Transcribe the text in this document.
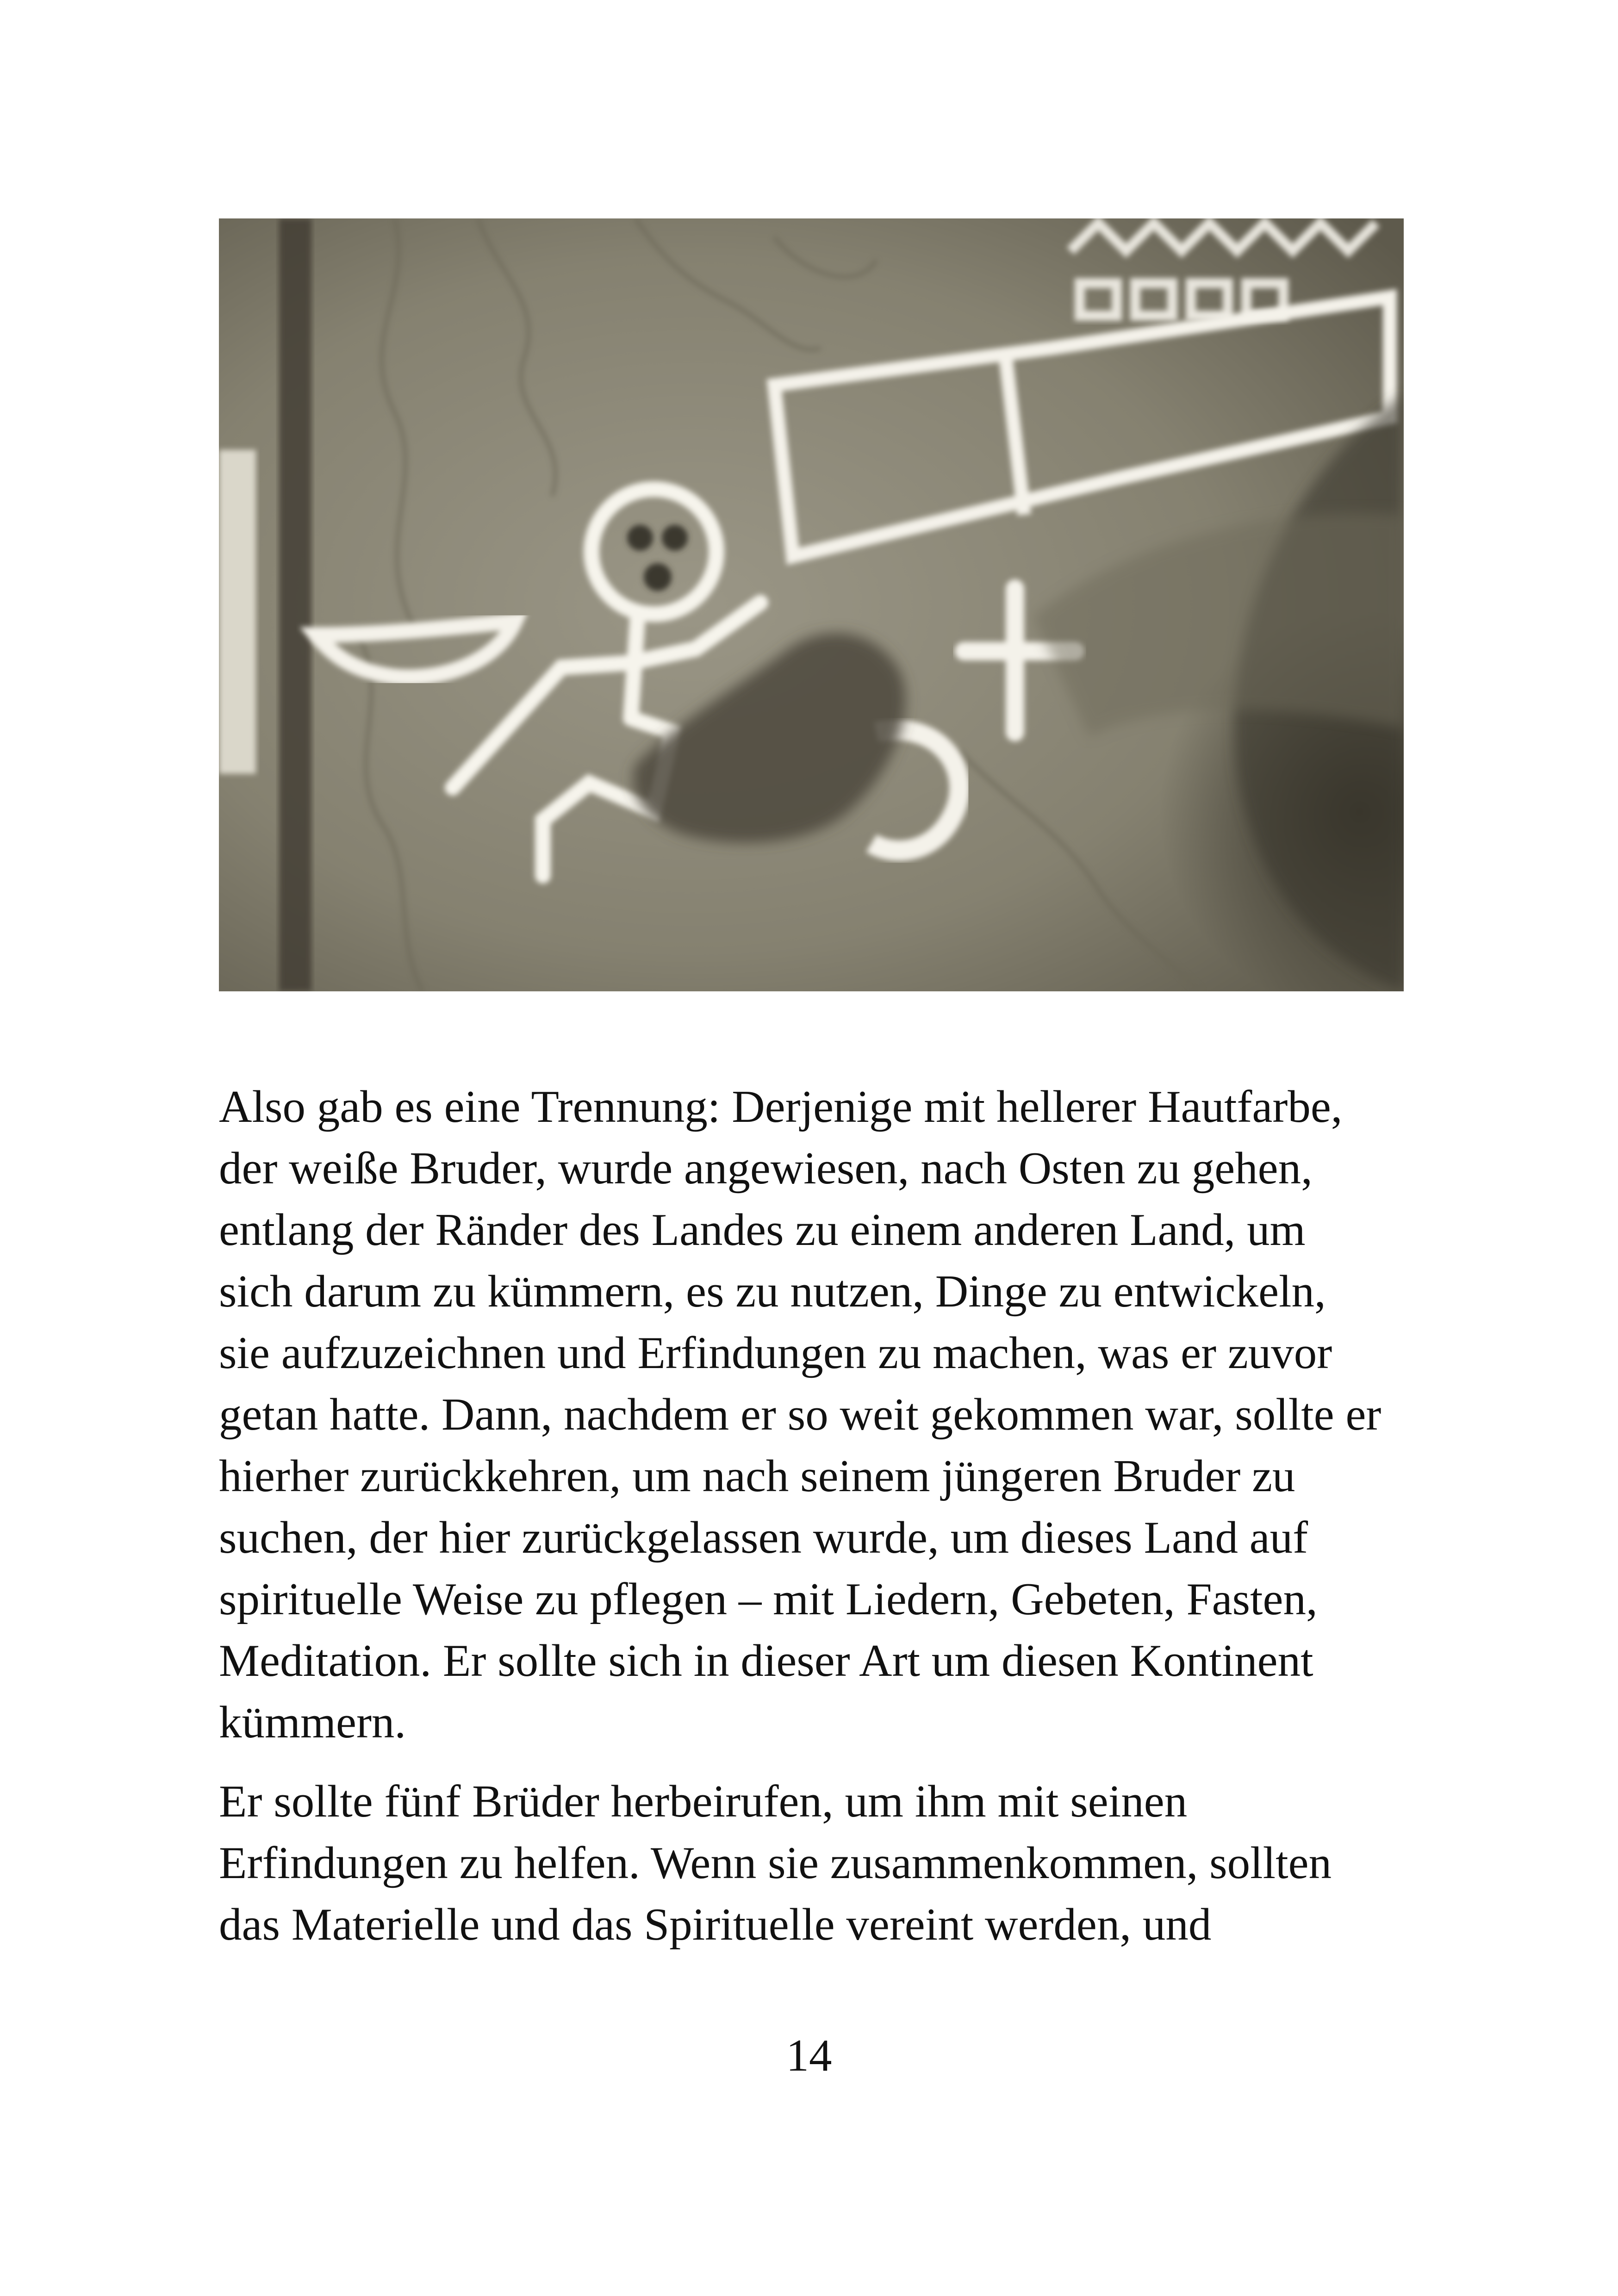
Also gab es eine Trennung: Derjenige mit hellerer Hautfarbe,
der weiße Bruder, wurde angewiesen, nach Osten zu gehen,
entlang der Ränder des Landes zu einem anderen Land, um
sich darum zu kümmern, es zu nutzen, Dinge zu entwickeln,
sie aufzuzeichnen und Erfindungen zu machen, was er zuvor
getan hatte. Dann, nachdem er so weit gekommen war, sollte er
hierher zurückkehren, um nach seinem jüngeren Bruder zu
suchen, der hier zurückgelassen wurde, um dieses Land auf
spirituelle Weise zu pflegen – mit Liedern, Gebeten, Fasten,
Meditation. Er sollte sich in dieser Art um diesen Kontinent
kümmern.

Er sollte fünf Brüder herbeirufen, um ihm mit seinen
Erfindungen zu helfen. Wenn sie zusammenkommen, sollten
das Materielle und das Spirituelle vereint werden, und

14
